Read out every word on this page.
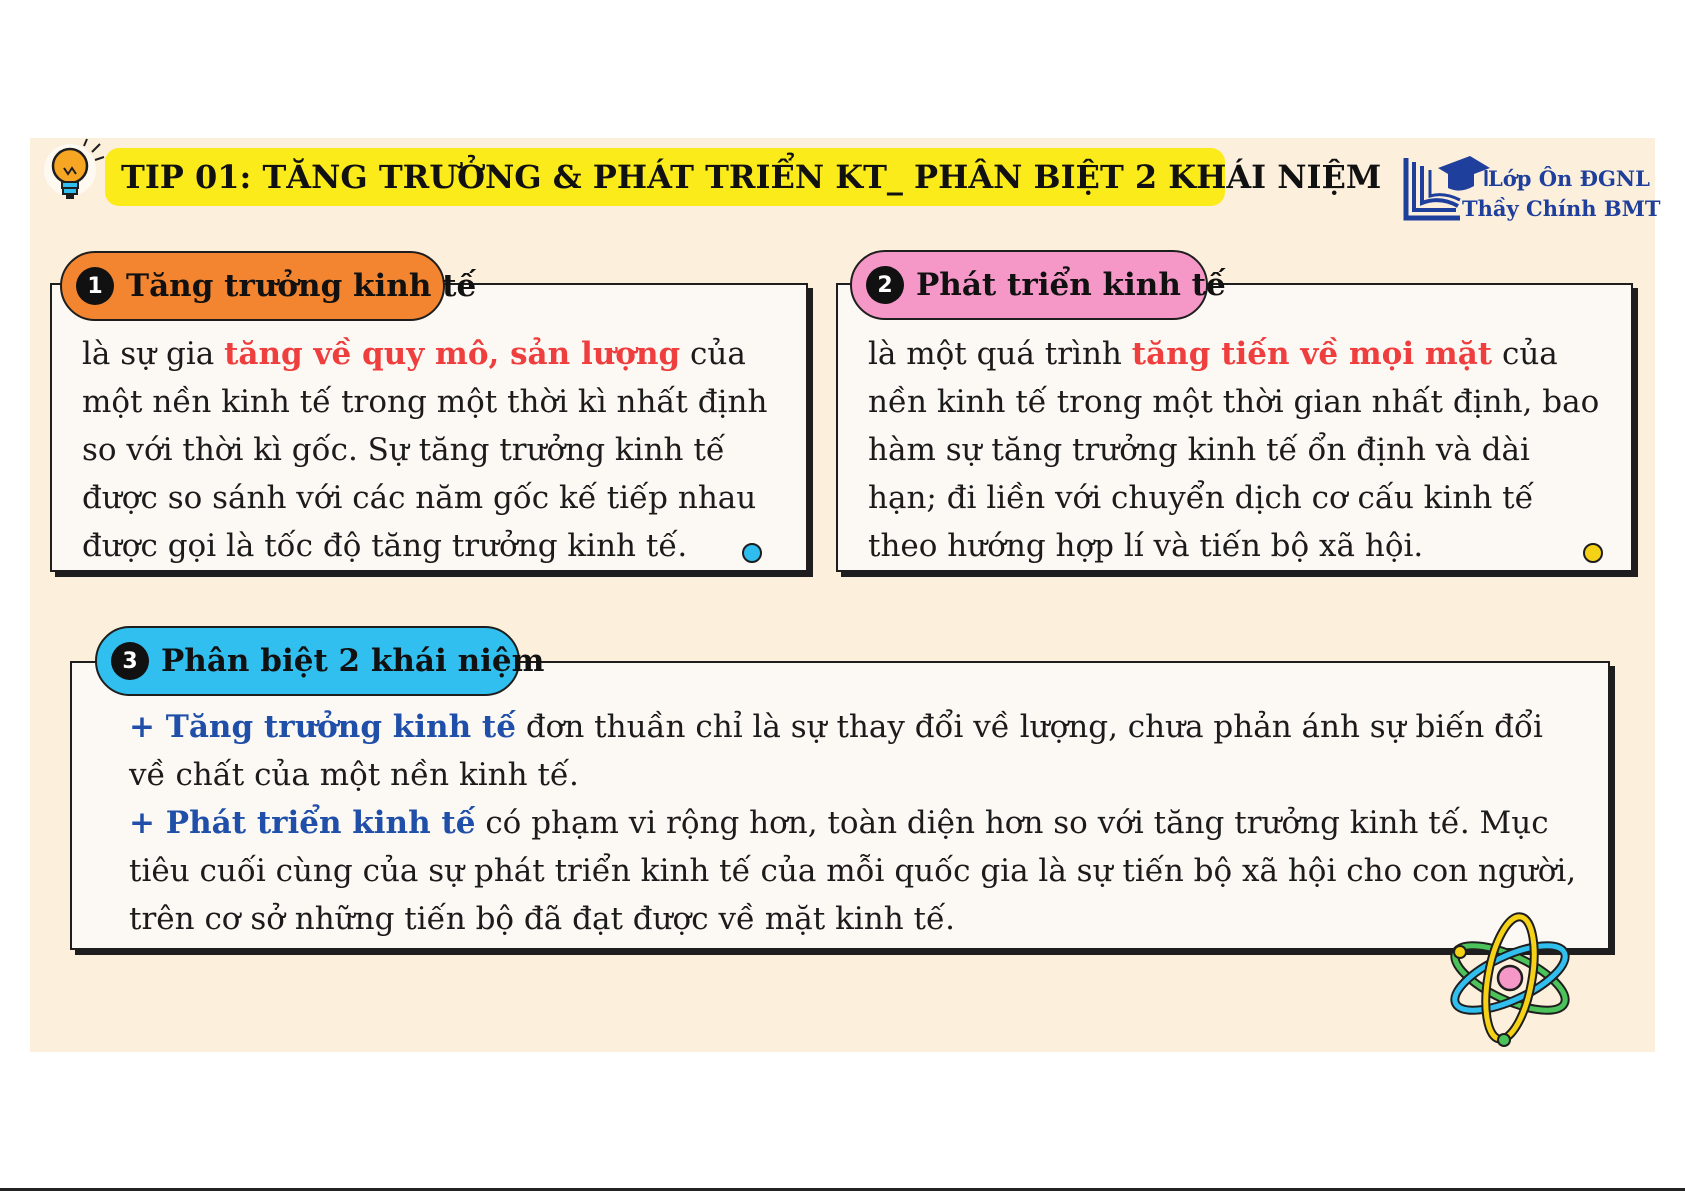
TIP 01: TĂNG TRƯỞNG & PHÁT TRIỂN KT_ PHÂN BIỆT 2 KHÁI NIỆM	Lớp Ôn ĐGNL
Thầy Chính BMT
là sự gia tăng về quy mô, sản lượng của một nền kinh tế trong một thời kì nhất định so với thời kì gốc. Sự tăng trưởng kinh tế được so sánh với các năm gốc kế tiếp nhau được gọi là tốc độ tăng trưởng kinh tế.
1 Tăng trưởng kinh tế
là một quá trình tăng tiến về mọi mặt của nền kinh tế trong một thời gian nhất định, bao hàm sự tăng trưởng kinh tế ổn định và dài hạn; đi liền với chuyển dịch cơ cấu kinh tế theo hướng hợp lí và tiến bộ xã hội.
2 Phát triển kinh tế
+ Tăng trưởng kinh tế đơn thuần chỉ là sự thay đổi về lượng, chưa phản ánh sự biến đổi về chất của một nền kinh tế.
+ Phát triển kinh tế có phạm vi rộng hơn, toàn diện hơn so với tăng trưởng kinh tế. Mục tiêu cuối cùng của sự phát triển kinh tế của mỗi quốc gia là sự tiến bộ xã hội cho con người, trên cơ sở những tiến bộ đã đạt được về mặt kinh tế.
3 Phân biệt 2 khái niệm
